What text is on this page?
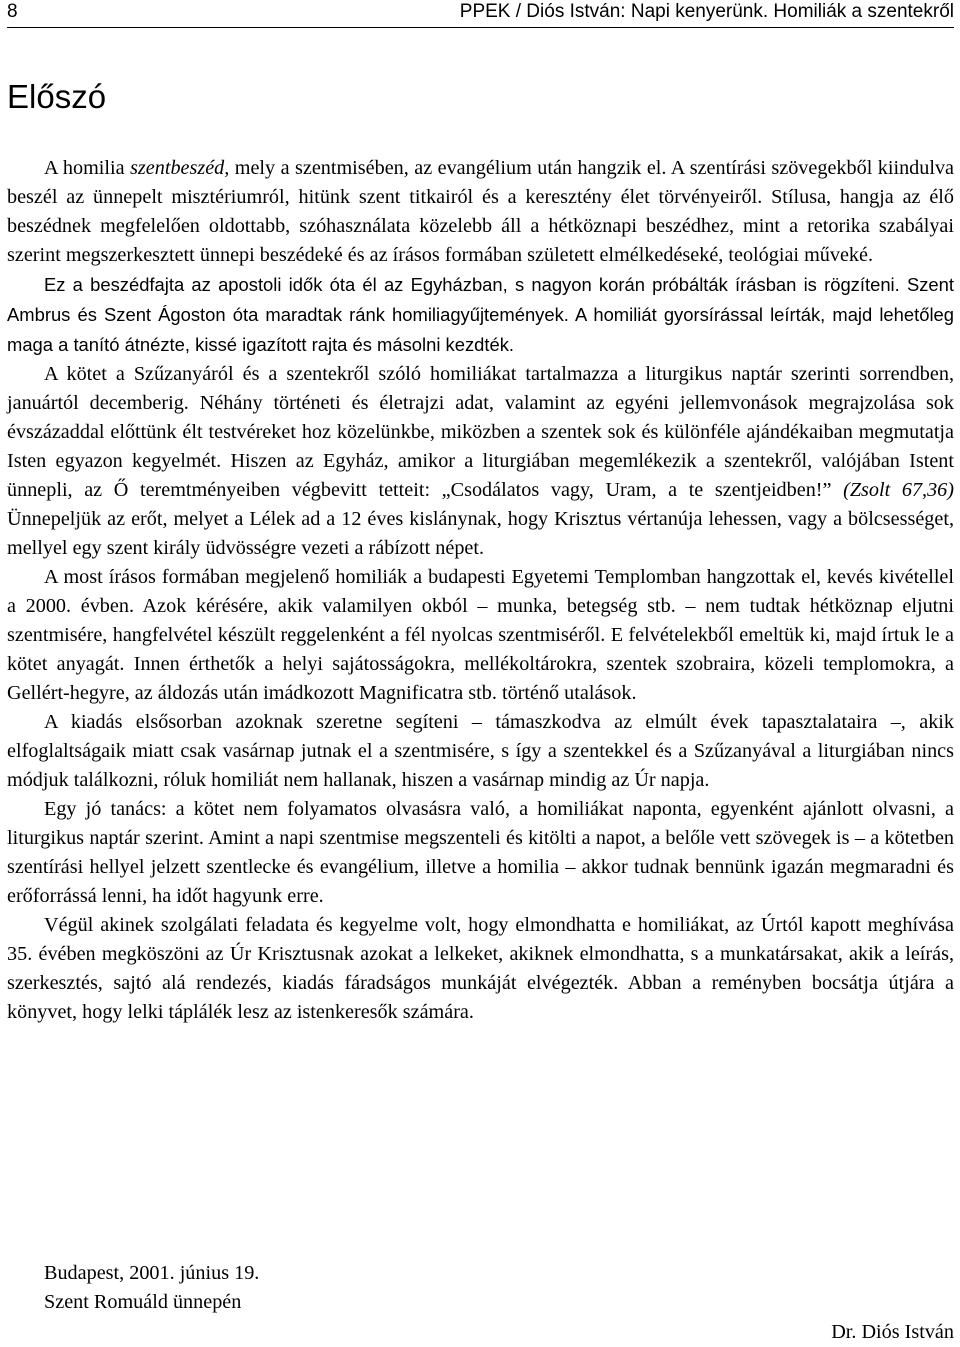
8	PPEK / Diós István: Napi kenyerünk. Homiliák a szentekről
Előszó

A homilia szentbeszéd, mely a szentmisében, az evangélium után hangzik el. A szentírási szövegekből kiindulva beszél az ünnepelt misztériumról, hitünk szent titkairól és a keresztény élet törvényeiről. Stílusa, hangja az élő beszédnek megfelelően oldottabb, szóhasználata közelebb áll a hétköznapi beszédhez, mint a retorika szabályai szerint megszerkesztett ünnepi beszédeké és az írásos formában született elmélkedéseké, teológiai műveké.

Ez a beszédfajta az apostoli idők óta él az Egyházban, s nagyon korán próbálták írásban is rögzíteni. Szent Ambrus és Szent Ágoston óta maradtak ránk homiliagyűjtemények. A homiliát gyorsírással leírták, majd lehetőleg maga a tanító átnézte, kissé igazított rajta és másolni kezdték.

A kötet a Szűzanyáról és a szentekről szóló homiliákat tartalmazza a liturgikus naptár szerinti sorrendben, januártól decemberig. Néhány történeti és életrajzi adat, valamint az egyéni jellemvonások megrajzolása sok évszázaddal előttünk élt testvéreket hoz közelünkbe, miközben a szentek sok és különféle ajándékaiban megmutatja Isten egyazon kegyelmét. Hiszen az Egyház, amikor a liturgiában megemlékezik a szentekről, valójában Istent ünnepli, az Ő teremtményeiben végbevitt tetteit: „Csodálatos vagy, Uram, a te szentjeidben!” (Zsolt 67,36) Ünnepeljük az erőt, melyet a Lélek ad a 12 éves kislánynak, hogy Krisztus vértanúja lehessen, vagy a bölcsességet, mellyel egy szent király üdvösségre vezeti a rábízott népet.

A most írásos formában megjelenő homiliák a budapesti Egyetemi Templomban hangzottak el, kevés kivétellel a 2000. évben. Azok kérésére, akik valamilyen okból – munka, betegség stb. – nem tudtak hétköznap eljutni szentmisére, hangfelvétel készült reggelenként a fél nyolcas szentmiséről. E felvételekből emeltük ki, majd írtuk le a kötet anyagát. Innen érthetők a helyi sajátosságokra, mellékoltárokra, szentek szobraira, közeli templomokra, a Gellért-hegyre, az áldozás után imádkozott Magnificatra stb. történő utalások.

A kiadás elsősorban azoknak szeretne segíteni – támaszkodva az elmúlt évek tapasztalataira –, akik elfoglaltságaik miatt csak vasárnap jutnak el a szentmisére, s így a szentekkel és a Szűzanyával a liturgiában nincs módjuk találkozni, róluk homiliát nem hallanak, hiszen a vasárnap mindig az Úr napja.

Egy jó tanács: a kötet nem folyamatos olvasásra való, a homiliákat naponta, egyenként ajánlott olvasni, a liturgikus naptár szerint. Amint a napi szentmise megszenteli és kitölti a napot, a belőle vett szövegek is – a kötetben szentírási hellyel jelzett szentlecke és evangélium, illetve a homilia – akkor tudnak bennünk igazán megmaradni és erőforrássá lenni, ha időt hagyunk erre.

Végül akinek szolgálati feladata és kegyelme volt, hogy elmondhatta e homiliákat, az Úrtól kapott meghívása 35. évében megköszöni az Úr Krisztusnak azokat a lelkeket, akiknek elmondhatta, s a munkatársakat, akik a leírás, szerkesztés, sajtó alá rendezés, kiadás fáradságos munkáját elvégezték. Abban a reményben bocsátja útjára a könyvet, hogy lelki táplálék lesz az istenkeresők számára.

Budapest, 2001. június 19.
Szent Romuáld ünnepén
Dr. Diós István
